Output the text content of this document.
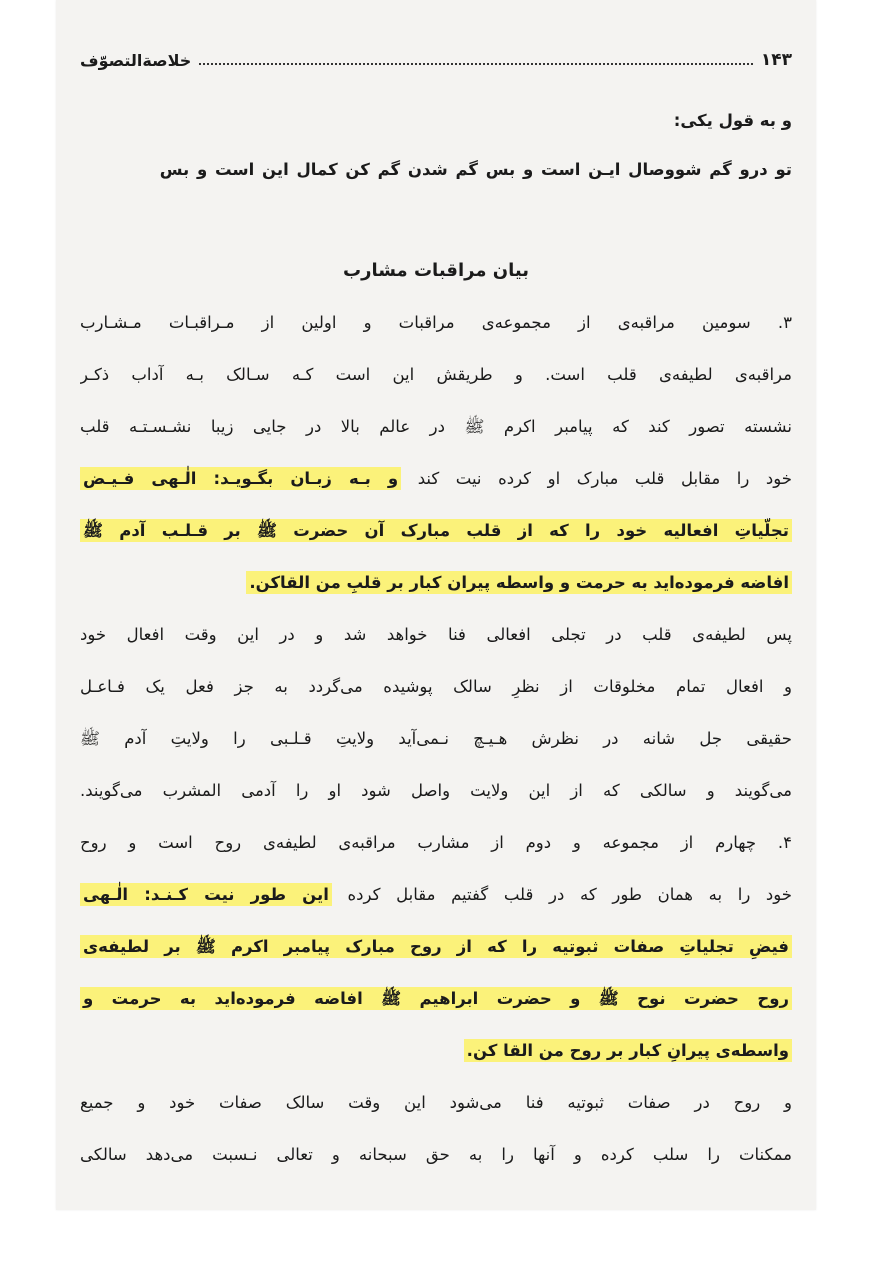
خلاصةالتصوّف	۱۴۳
و به قول یکی:
تو درو گم شووصال ایـن است و بس گم شدن گم کن کمال این است و بس
بیان مراقبات مشارب
۳. سومین مراقبه‌ی از مجموعه‌ی مراقبات و اولین از مـراقبـات مـشـارب
مراقبه‌ی لطیفه‌ی قلب است. و طریقش این است کـه سـالک بـه آداب ذکـر
نشسته تصور کند که پیامبر اکرم ﷺ در عالم بالا در جایی زیبا نشـسـتـه قلب
خود را مقابل قلب مبارک او کرده نیت کند و بـه زبـان بگـویـد: الٰـهی فـیـض
تجلّیاتِ افعالیه خود را که از قلب مبارک آن حضرت ﷺ بر قـلـب آدم ﷺ
افاضه فرموده‌اید به حرمت و واسطه پیران کبار بر قلبِ من القاکن.
پس لطیفه‌ی قلب در تجلی افعالی فنا خواهد شد و در این وقت افعال خود
و افعال تمام مخلوقات از نظرِ سالک پوشیده می‌گردد به جز فعل یک فـاعـل
حقیقی جل شانه در نظرش هـیـچ نـمی‌آید ولایتِ قـلـبی را ولایتِ آدم ﷺ
می‌گویند و سالکی که از این ولایت واصل شود او را آدمی المشرب می‌گویند.
۴. چهارم از مجموعه و دوم از مشارب مراقبه‌ی لطیفه‌ی روح است و روح
خود را به همان طور که در قلب گفتیم مقابل کرده این طور نیت کـنـد: الٰـهی
فیضِ تجلیاتِ صفات ثبوتیه را که از روح مبارک پیامبر اکرم ﷺ بر لطیفه‌ی
روح حضرت نوح ﷺ و حضرت ابراهیم ﷺ افاضه فرموده‌اید به حرمت و
واسطه‌ی پیرانِ کبار بر روح من القا کن.
و روح در صفات ثبوتیه فنا می‌شود این وقت سالک صفات خود و جمیع
ممکنات را سلب کرده و آنها را به حق سبحانه و تعالی نـسبت می‌دهد سالکی
